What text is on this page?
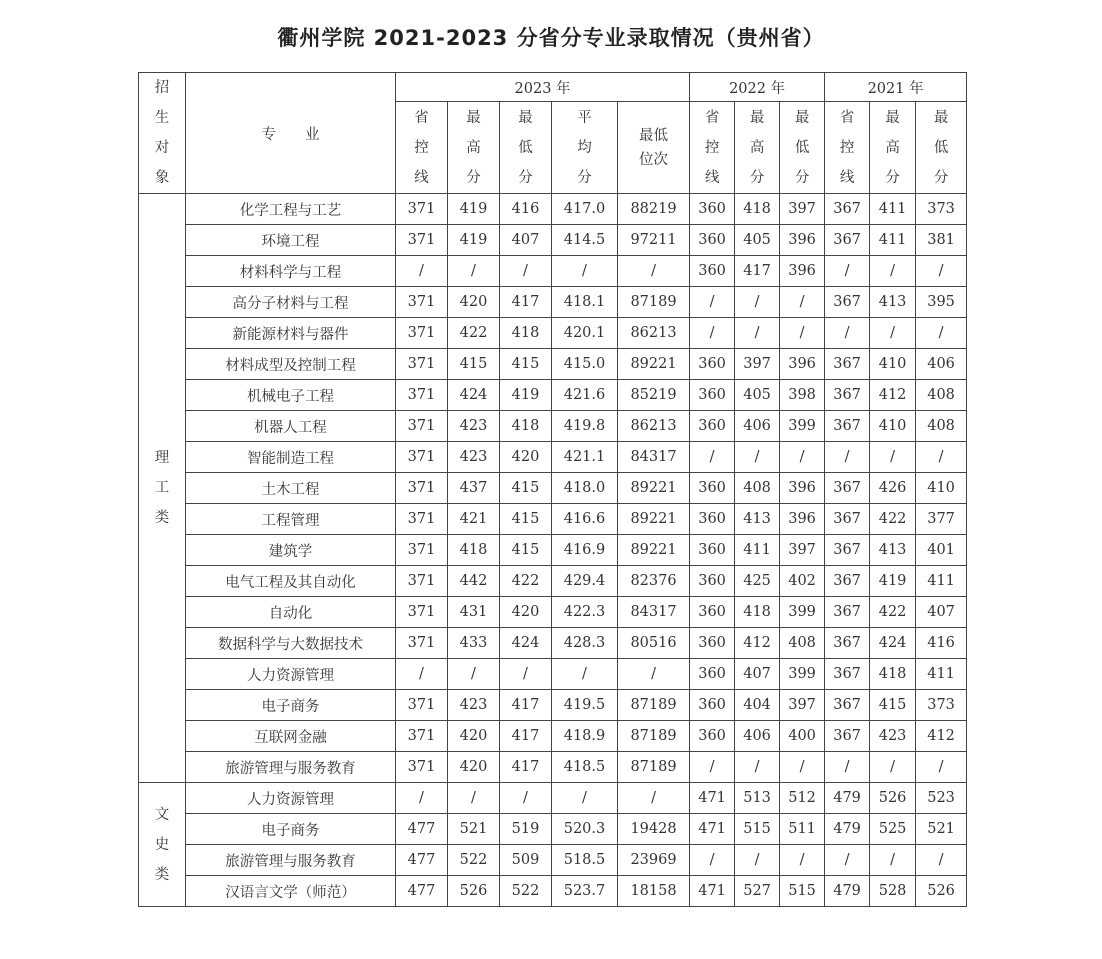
衢州学院 2021-2023 分省分专业录取情况（贵州省）
招
生
对
象	专　　业	2023 年					2022 年			2021 年		
		省
控
线	最
高
分	最
低
分	平
均
分	最低
位次	省
控
线	最
高
分	最
低
分	省
控
线	最
高
分	最
低
分
理
工
类	化学工程与工艺	371	419	416	417.0	88219	360	418	397	367	411	373
	环境工程	371	419	407	414.5	97211	360	405	396	367	411	381
	材料科学与工程	/	/	/	/	/	360	417	396	/	/	/
	高分子材料与工程	371	420	417	418.1	87189	/	/	/	367	413	395
	新能源材料与器件	371	422	418	420.1	86213	/	/	/	/	/	/
	材料成型及控制工程	371	415	415	415.0	89221	360	397	396	367	410	406
	机械电子工程	371	424	419	421.6	85219	360	405	398	367	412	408
	机器人工程	371	423	418	419.8	86213	360	406	399	367	410	408
	智能制造工程	371	423	420	421.1	84317	/	/	/	/	/	/
	土木工程	371	437	415	418.0	89221	360	408	396	367	426	410
	工程管理	371	421	415	416.6	89221	360	413	396	367	422	377
	建筑学	371	418	415	416.9	89221	360	411	397	367	413	401
	电气工程及其自动化	371	442	422	429.4	82376	360	425	402	367	419	411
	自动化	371	431	420	422.3	84317	360	418	399	367	422	407
	数据科学与大数据技术	371	433	424	428.3	80516	360	412	408	367	424	416
	人力资源管理	/	/	/	/	/	360	407	399	367	418	411
	电子商务	371	423	417	419.5	87189	360	404	397	367	415	373
	互联网金融	371	420	417	418.9	87189	360	406	400	367	423	412
	旅游管理与服务教育	371	420	417	418.5	87189	/	/	/	/	/	/
文
史
类	人力资源管理	/	/	/	/	/	471	513	512	479	526	523
	电子商务	477	521	519	520.3	19428	471	515	511	479	525	521
	旅游管理与服务教育	477	522	509	518.5	23969	/	/	/	/	/	/
	汉语言文学（师范）	477	526	522	523.7	18158	471	527	515	479	528	526
